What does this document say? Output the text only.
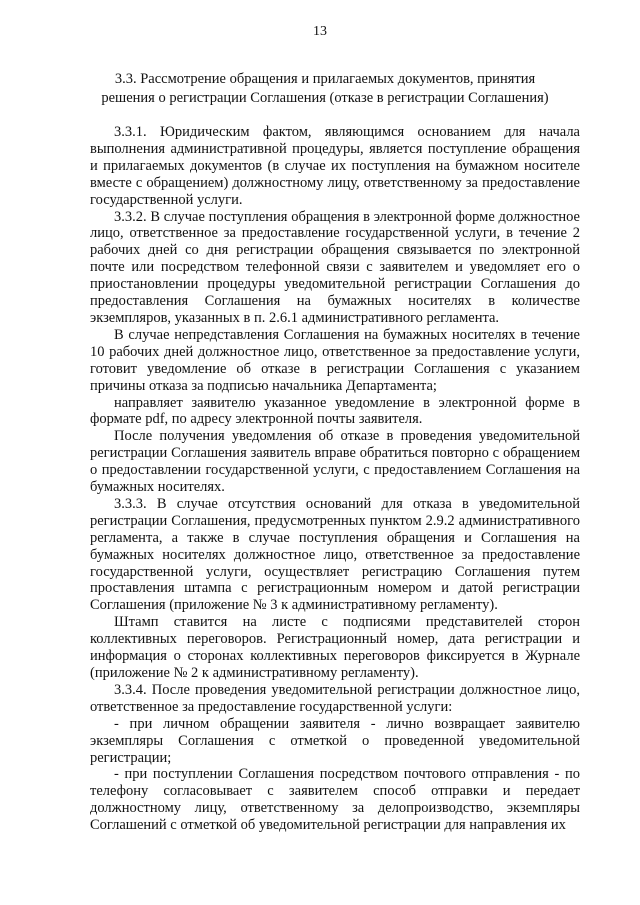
13
3.3. Рассмотрение обращения и прилагаемых документов, принятия
решения о регистрации Соглашения (отказе в регистрации Соглашения)

3.3.1. Юридическим фактом, являющимся основанием для начала выполнения административной процедуры, является поступление обращения и прилагаемых документов (в случае их поступления на бумажном носителе вместе с обращением) должностному лицу, ответственному за предоставление государственной услуги.

3.3.2. В случае поступления обращения в электронной форме должностное лицо, ответственное за предоставление государственной услуги, в течение 2 рабочих дней со дня регистрации обращения связывается по электронной почте или посредством телефонной связи с заявителем и уведомляет его о приостановлении процедуры уведомительной регистрации Соглашения до предоставления Соглашения на бумажных носителях в количестве экземпляров, указанных в п. 2.6.1 административного регламента.

В случае непредставления Соглашения на бумажных носителях в течение 10 рабочих дней должностное лицо, ответственное за предоставление услуги, готовит уведомление об отказе в регистрации Соглашения с указанием причины отказа за подписью начальника Департамента;

направляет заявителю указанное уведомление в электронной форме в формате pdf, по адресу электронной почты заявителя.

После получения уведомления об отказе в проведения уведомительной регистрации Соглашения заявитель вправе обратиться повторно с обращением о предоставлении государственной услуги, с предоставлением Соглашения на бумажных носителях.

3.3.3. В случае отсутствия оснований для отказа в уведомительной регистрации Соглашения, предусмотренных пунктом 2.9.2 административного регламента, а также в случае поступления обращения и Соглашения на бумажных носителях должностное лицо, ответственное за предоставление государственной услуги, осуществляет регистрацию Соглашения путем проставления штампа с регистрационным номером и датой регистрации Соглашения (приложение № 3 к административному регламенту).

Штамп ставится на листе с подписями представителей сторон коллективных переговоров. Регистрационный номер, дата регистрации и информация о сторонах коллективных переговоров фиксируется в Журнале (приложение № 2 к административному регламенту).

3.3.4. После проведения уведомительной регистрации должностное лицо, ответственное за предоставление государственной услуги:

- при личном обращении заявителя - лично возвращает заявителю экземпляры Соглашения с отметкой о проведенной уведомительной регистрации;

- при поступлении Соглашения посредством почтового отправления - по телефону согласовывает с заявителем способ отправки и передает должностному лицу, ответственному за делопроизводство, экземпляры Соглашений с отметкой об уведомительной регистрации для направления их
